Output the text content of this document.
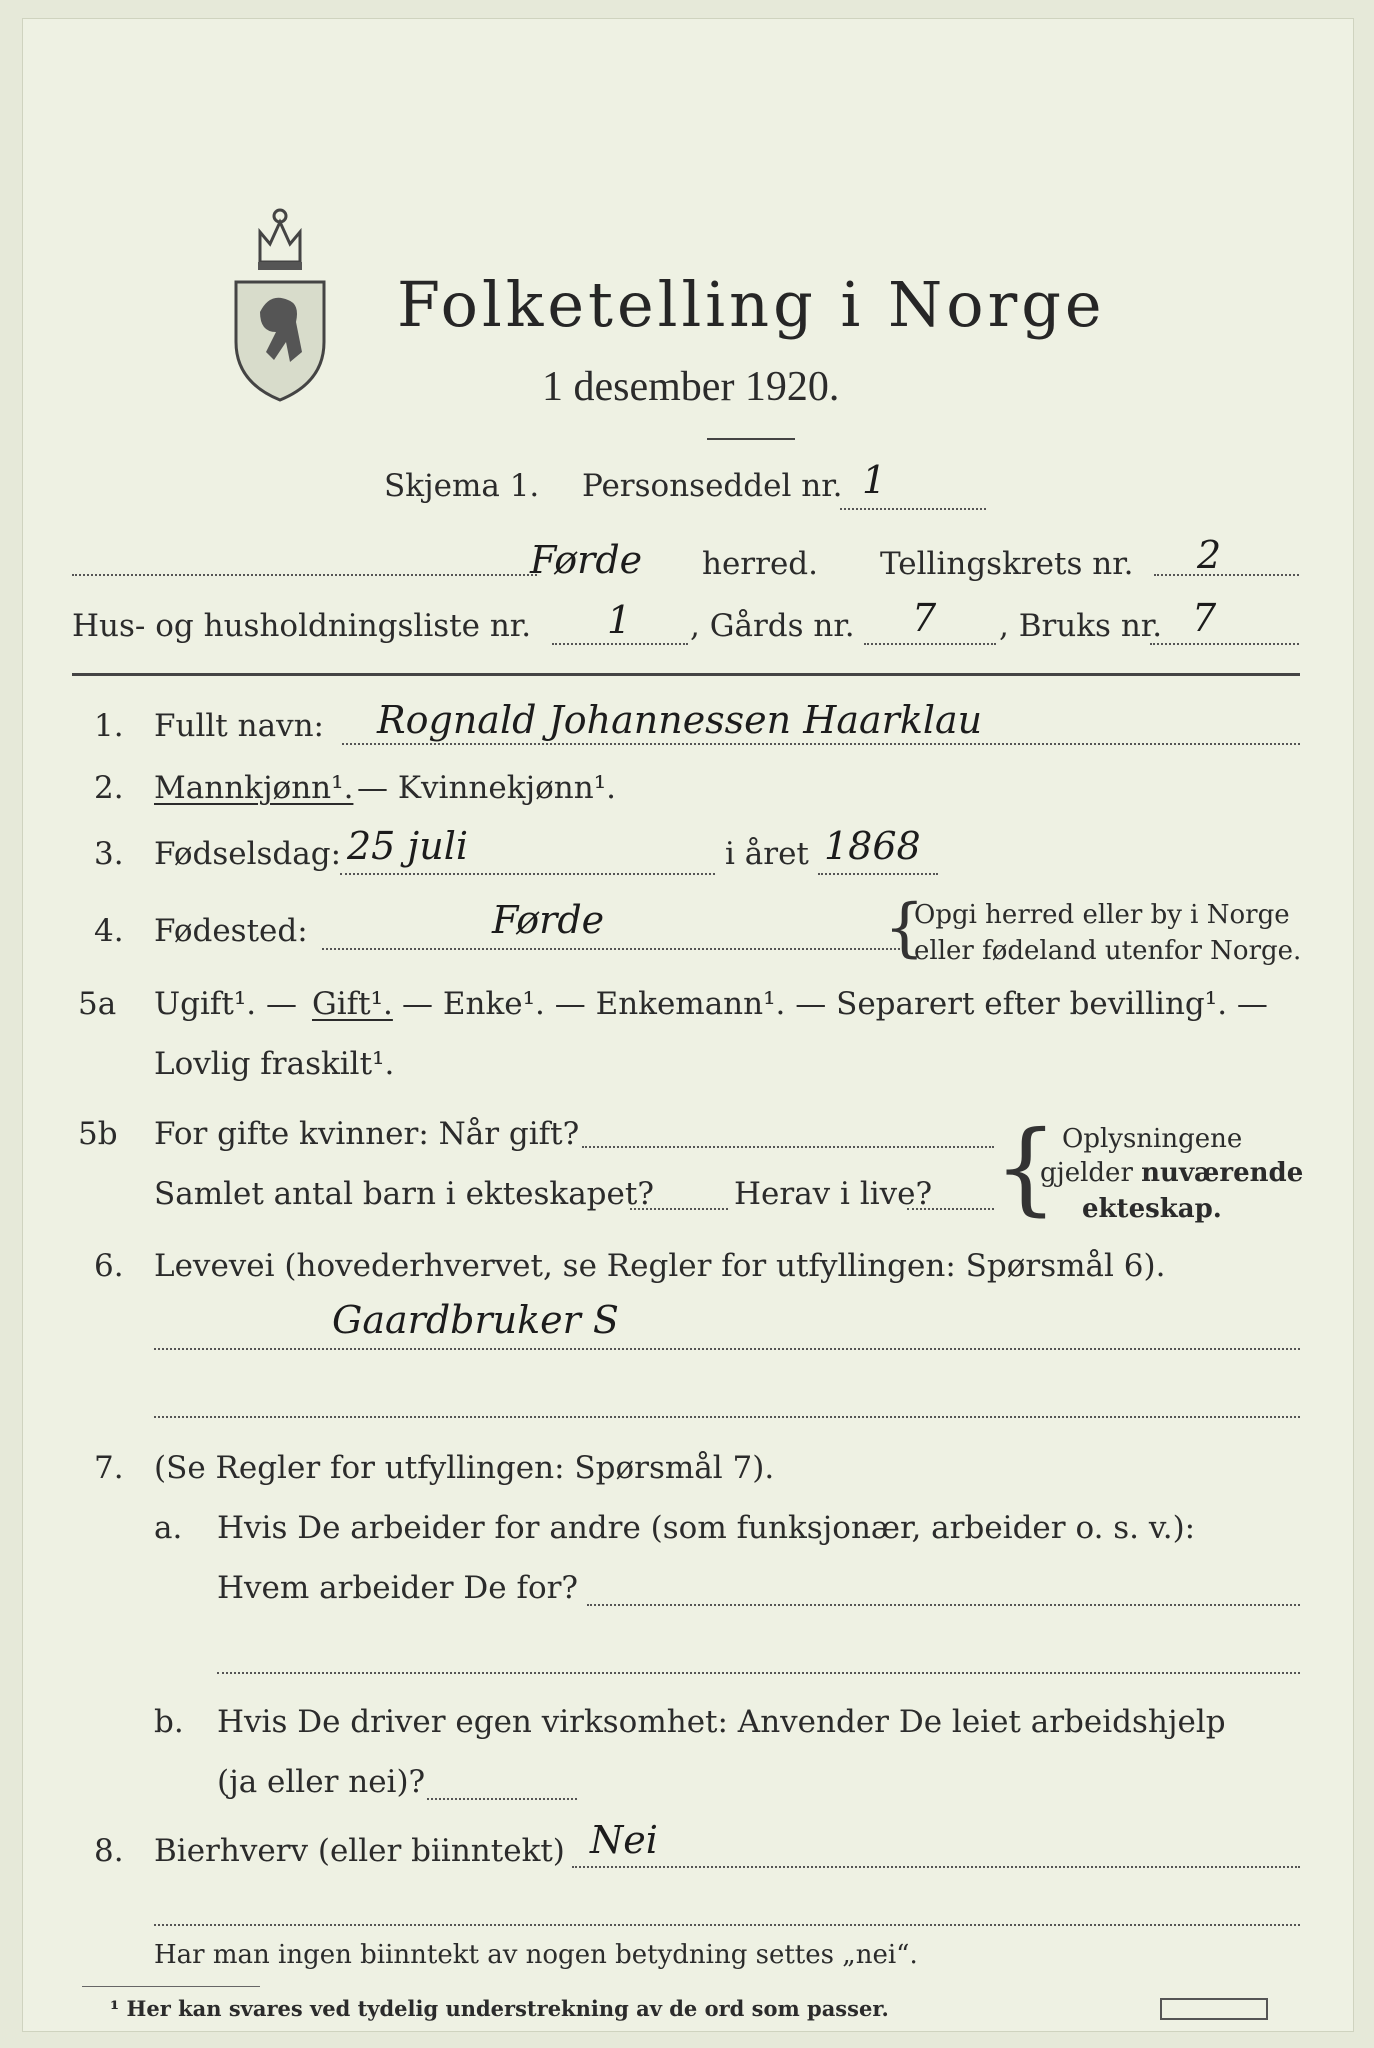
Folketelling i Norge
1 desember 1920.
Skjema 1. Personseddel nr. 1
Førde herred. Tellingskrets nr. 2
Hus- og husholdningsliste nr. 1 , Gårds nr. 7 , Bruks nr. 7
1. Fullt navn: Rognald Johannessen Haarklau
2. Mannkjønn¹. — Kvinnekjønn¹.
3. Fødselsdag: 25 juli	i året 1868
4. Fødested:	Førde	{
Opgi herred eller by i Norge
eller fødeland utenfor Norge.
5a Ugift¹. — Gift¹. — Enke¹. — Enkemann¹. — Separert efter bevilling¹. —
Lovlig fraskilt¹.
5b For gifte kvinner: Når gift?
Samlet antal barn i ekteskapet?	Herav i live? { Oplysningene
gjelder nuværende
ekteskap.
6. Levevei (hovederhvervet, se Regler for utfyllingen: Spørsmål 6).
Gaardbruker S
7. (Se Regler for utfyllingen: Spørsmål 7).
a. Hvis De arbeider for andre (som funksjonær, arbeider o. s. v.):
Hvem arbeider De for?
b. Hvis De driver egen virksomhet: Anvender De leiet arbeidshjelp
(ja eller nei)?
8. Bierhverv (eller biinntekt) Nei
Har man ingen biinntekt av nogen betydning settes „nei“.
¹ Her kan svares ved tydelig understrekning av de ord som passer.
